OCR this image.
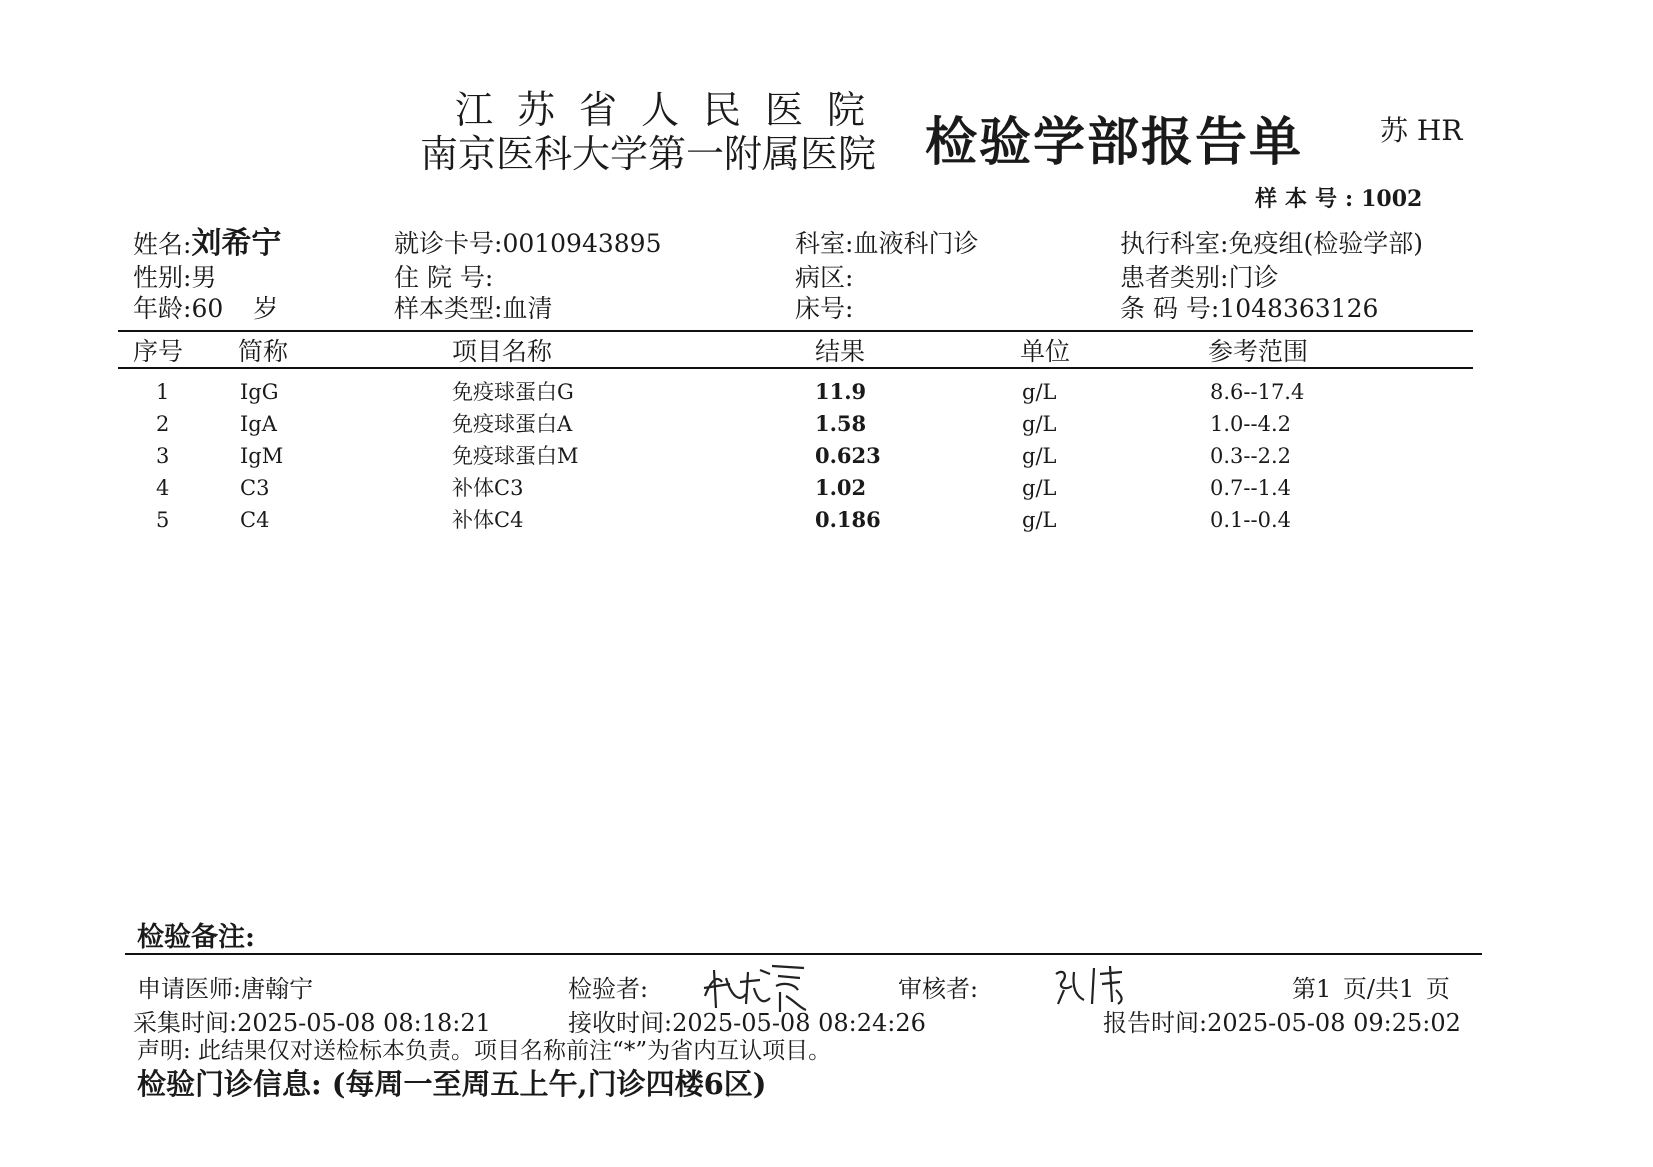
江苏省人民医院
南京医科大学第一附属医院 检验学部报告单	苏 HR
样本号:1002
姓名:刘希宁
性别:男
年龄:60 岁
就诊卡号:0010943895
住 院 号:
样本类型:血清
科室:血液科门诊
病区:
床号:
执行科室:免疫组(检验学部)
患者类别:门诊
条 码 号:1048363126
序号 简称	项目名称	结果	单位	参考范围
1	IgG	免疫球蛋白G	11.9	g/L	8.6--17.4
2	IgA	免疫球蛋白A	1.58	g/L	1.0--4.2
3	IgM	免疫球蛋白M	0.623	g/L	0.3--2.2
4	C3	补体C3	1.02	g/L	0.7--1.4
5	C4	补体C4	0.186	g/L	0.1--0.4
检验备注:
申请医师:唐翰宁	检验者:	审核者:	第1 页/共1 页
采集时间:2025-05-08 08:18:21	接收时间:2025-05-08 08:24:26	报告时间:2025-05-08 09:25:02
声明: 此结果仅对送检标本负责。项目名称前注“*”为省内互认项目。
检验门诊信息: (每周一至周五上午,门诊四楼6区)
